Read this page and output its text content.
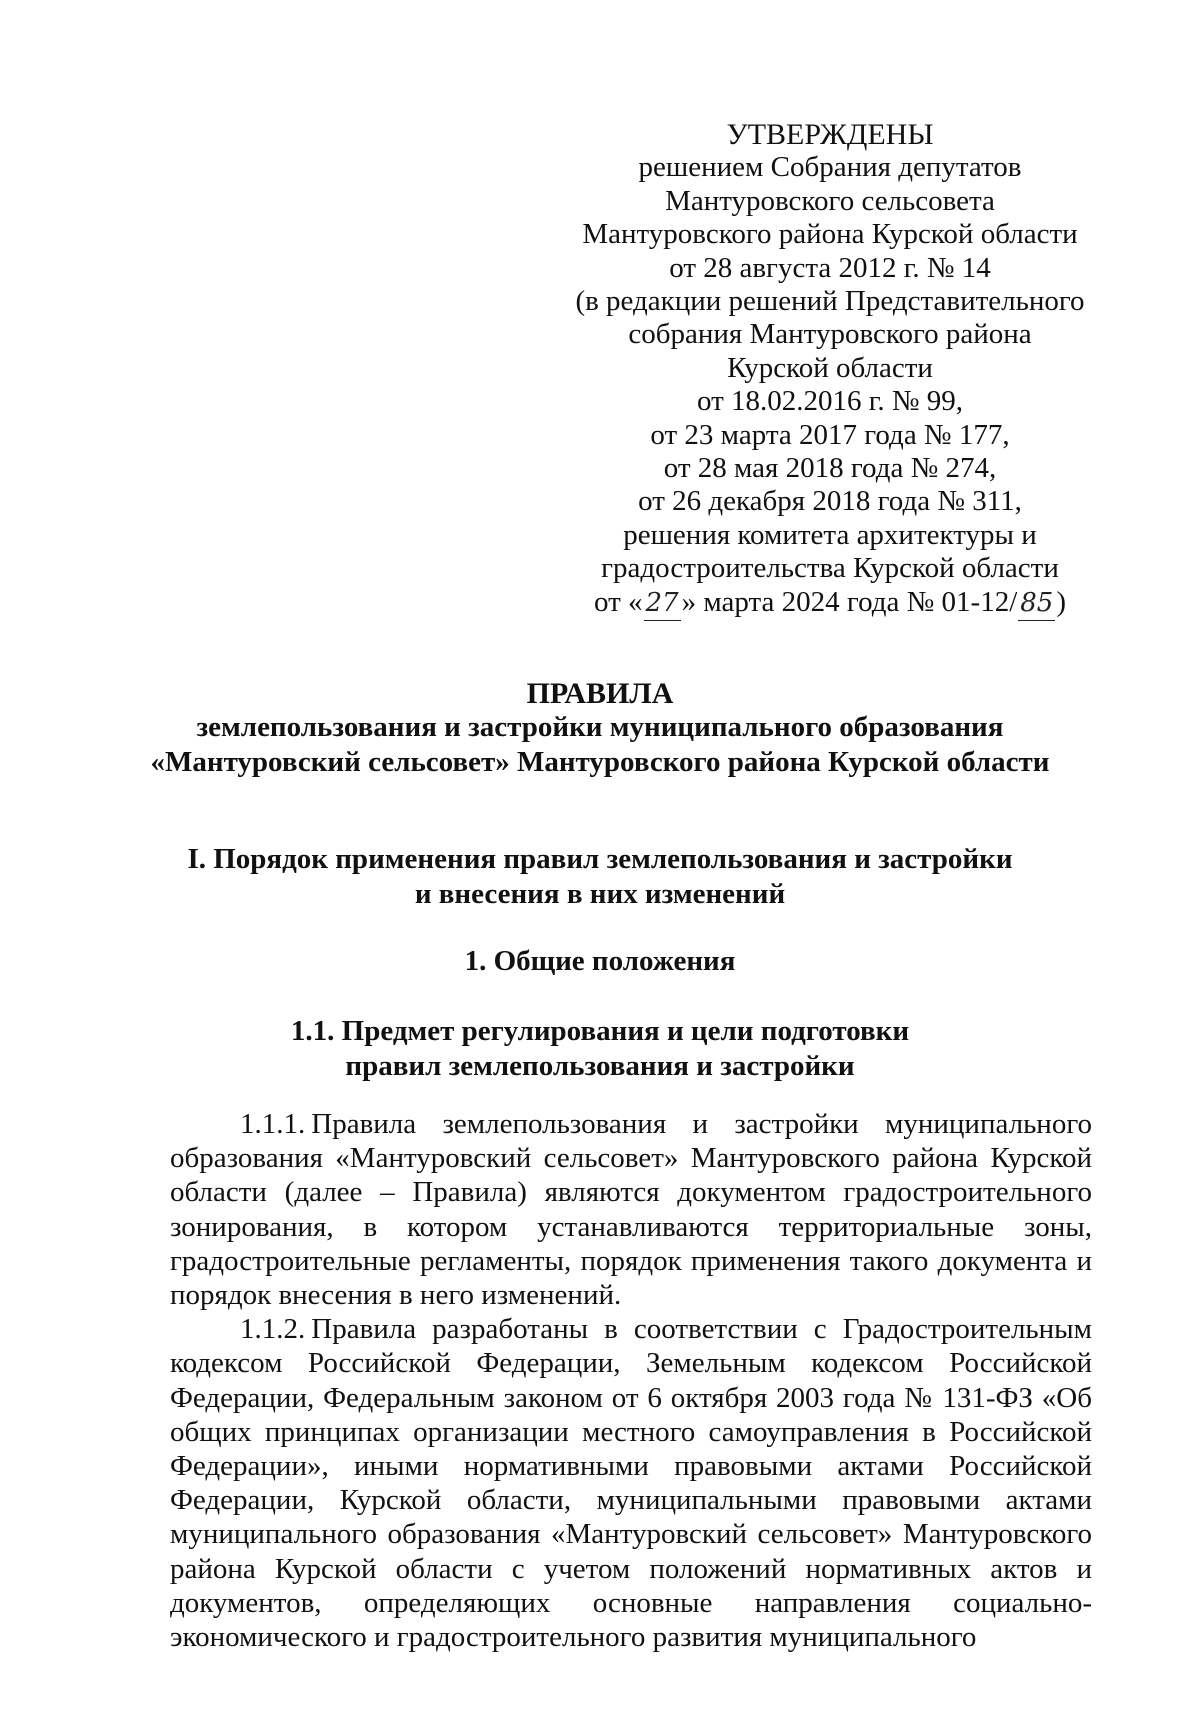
УТВЕРЖДЕНЫ
решением Собрания депутатов
Мантуровского сельсовета
Мантуровского района Курской области
от 28 августа 2012 г. № 14
(в редакции решений Представительного
собрания Мантуровского района
Курской области
от 18.02.2016 г. № 99,
от 23 марта 2017 года № 177,
от 28 мая 2018 года № 274,
от 26 декабря 2018 года № 311,
решения комитета архитектуры и
градостроительства Курской области
от « 27 » марта 2024 года № 01-12/ 85 )
ПРАВИЛА
землепользования и застройки муниципального образования
«Мантуровский сельсовет» Мантуровского района Курской области
I. Порядок применения правил землепользования и застройки
и внесения в них изменений
1. Общие положения
1.1. Предмет регулирования и цели подготовки
правил землепользования и застройки

1.1.1. Правила землепользования и застройки муниципального образования «Мантуровский сельсовет» Мантуровского района Курской области (далее – Правила) являются документом градостроительного зонирования, в котором устанавливаются территориальные зоны, градостроительные регламенты, порядок применения такого документа и порядок внесения в него изменений.

1.1.2. Правила разработаны в соответствии с Градостроительным кодексом Российской Федерации, Земельным кодексом Российской Федерации, Федеральным законом от 6 октября 2003 года № 131-ФЗ «Об общих принципах организации местного самоуправления в Российской Федерации», иными нормативными правовыми актами Российской Федерации, Курской области, муниципальными правовыми актами муниципального образования «Мантуровский сельсовет» Мантуровского района Курской области с учетом положений нормативных актов и документов, определяющих основные направления социально-экономического и градостроительного развития муниципального
